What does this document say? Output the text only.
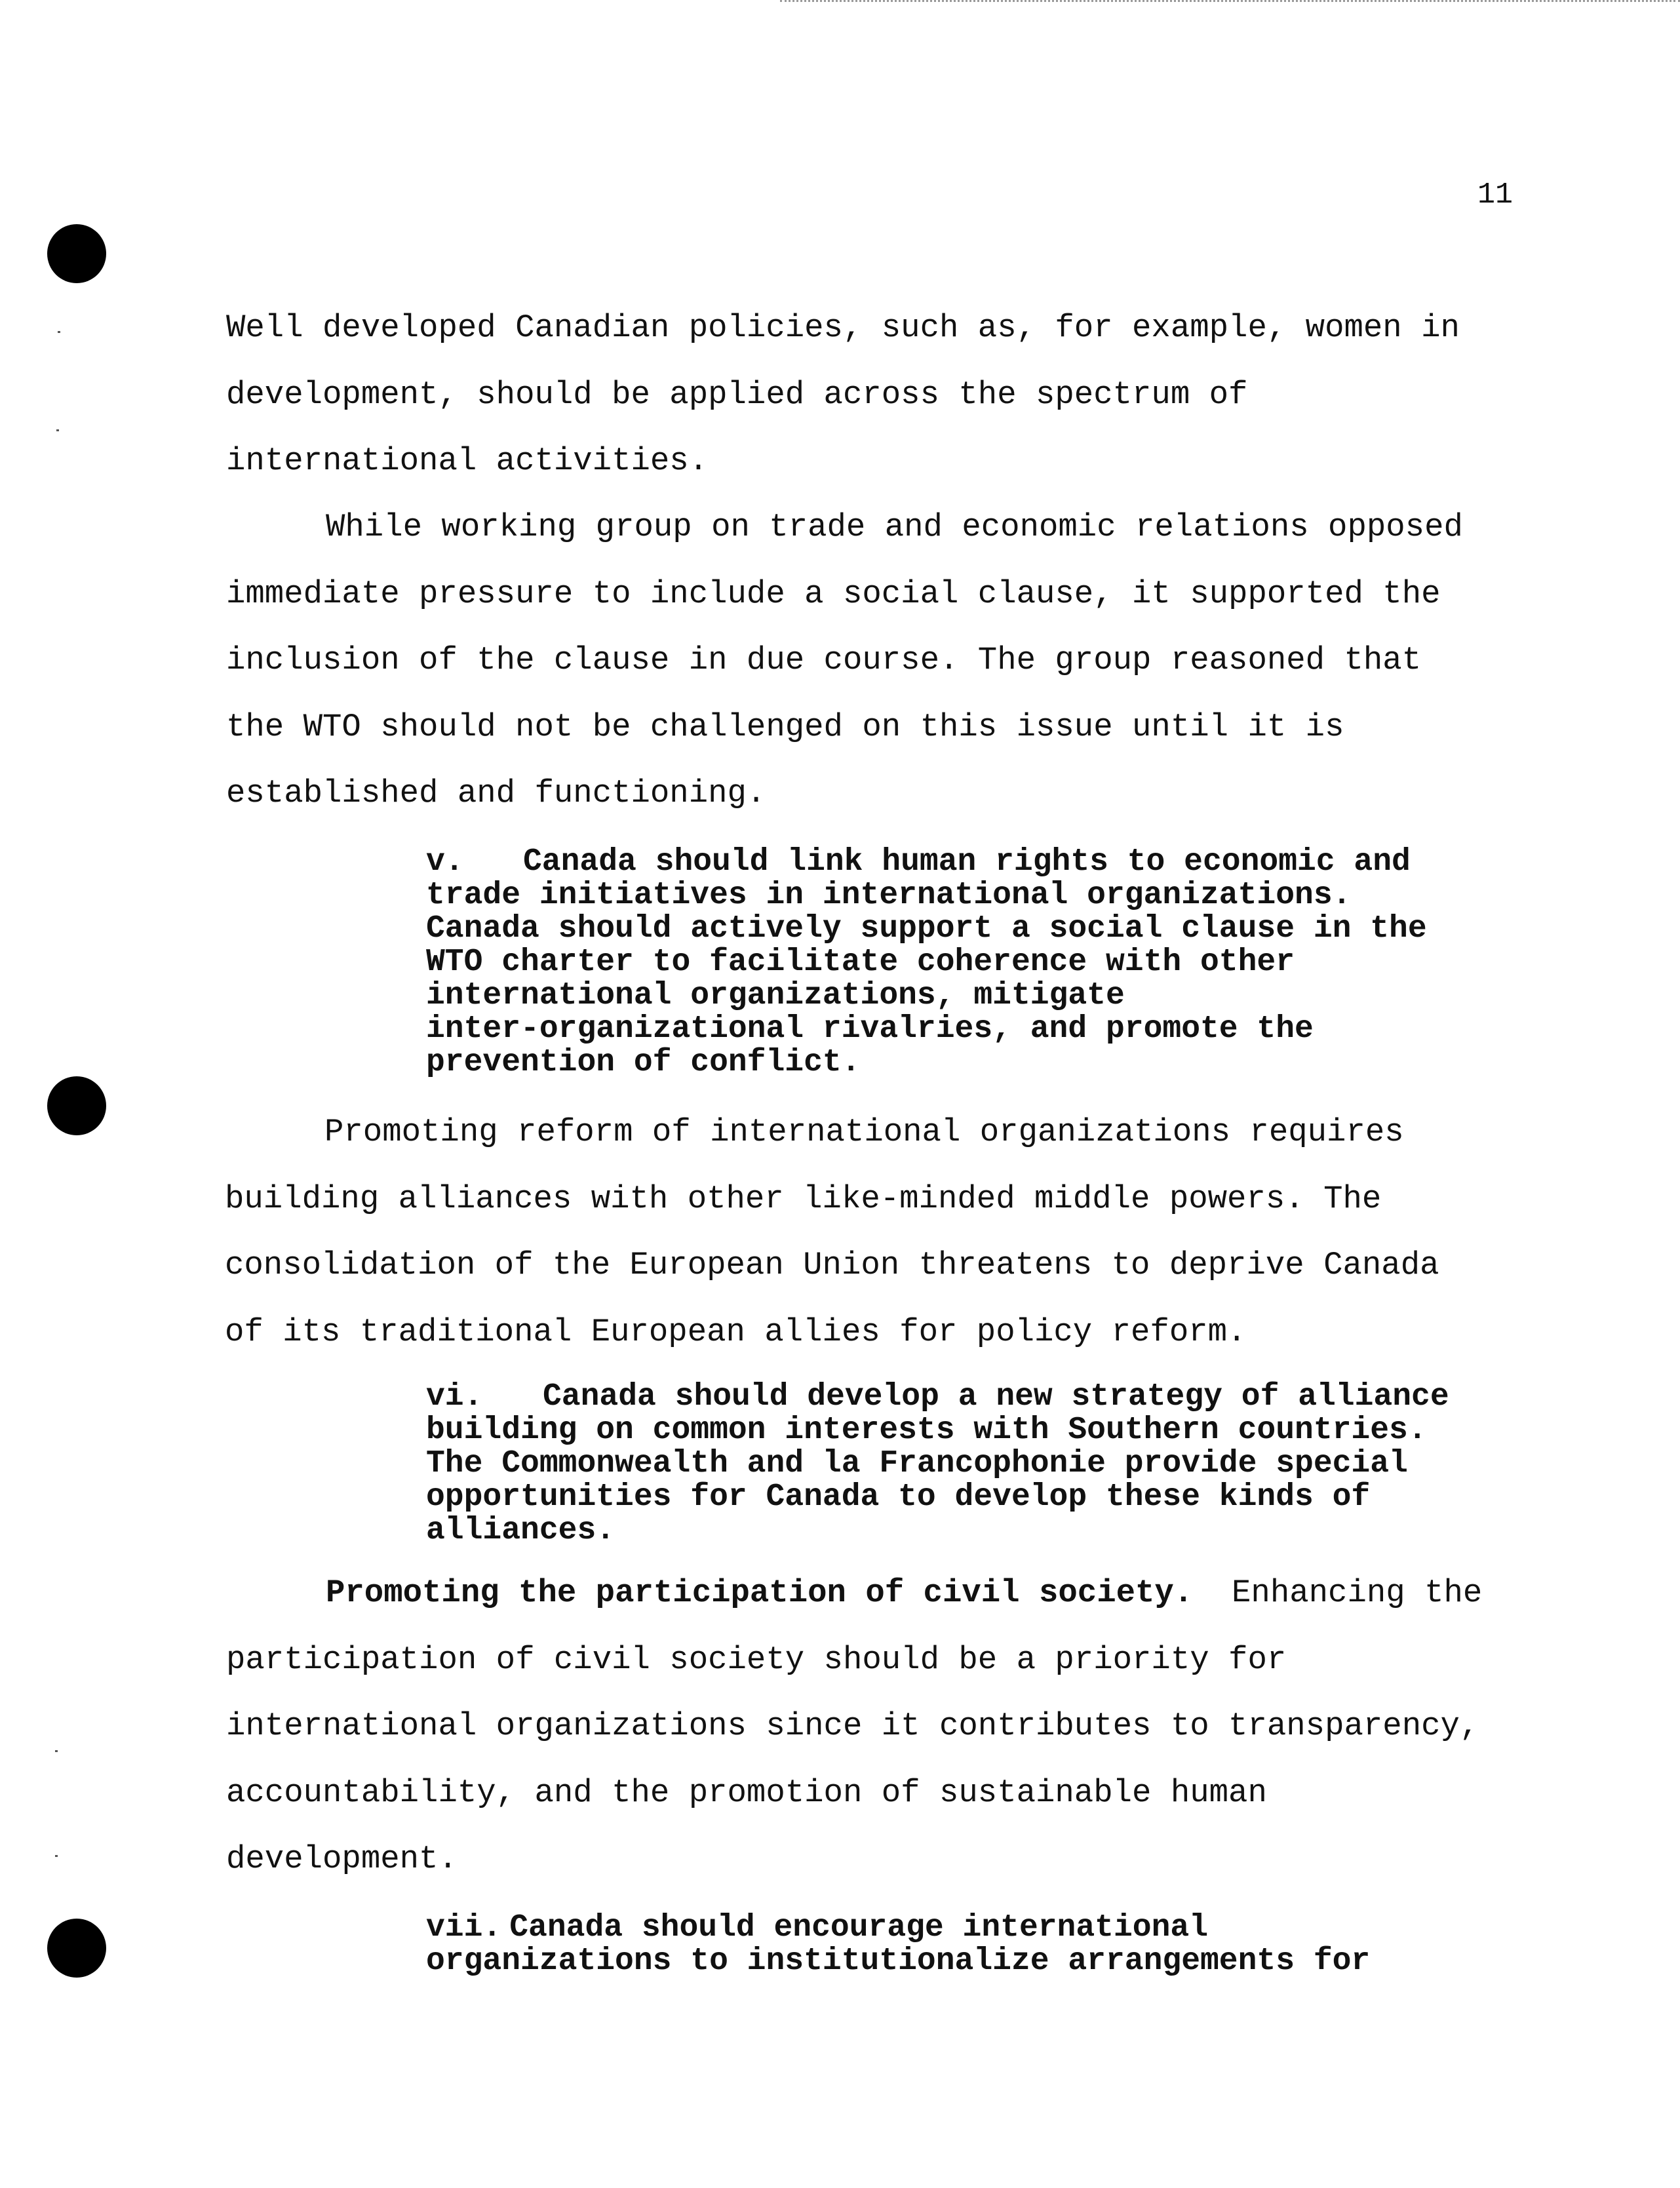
11

Well developed Canadian policies, such as, for example, women in
development, should be applied across the spectrum of
international activities.

While working group on trade and economic relations opposed
immediate pressure to include a social clause, it supported the
inclusion of the clause in due course. The group reasoned that
the WTO should not be challenged on this issue until it is
established and functioning.

v. Canada should link human rights to economic and
trade initiatives in international organizations.
Canada should actively support a social clause in the
WTO charter to facilitate coherence with other
international organizations, mitigate
inter-organizational rivalries, and promote the
prevention of conflict.

Promoting reform of international organizations requires
building alliances with other like-minded middle powers. The
consolidation of the European Union threatens to deprive Canada
of its traditional European allies for policy reform.

vi. Canada should develop a new strategy of alliance
building on common interests with Southern countries.
The Commonwealth and la Francophonie provide special
opportunities for Canada to develop these kinds of
alliances.

Promoting the participation of civil society.  Enhancing the
participation of civil society should be a priority for
international organizations since it contributes to transparency,
accountability, and the promotion of sustainable human
development.

vii. Canada should encourage international
organizations to institutionalize arrangements for
